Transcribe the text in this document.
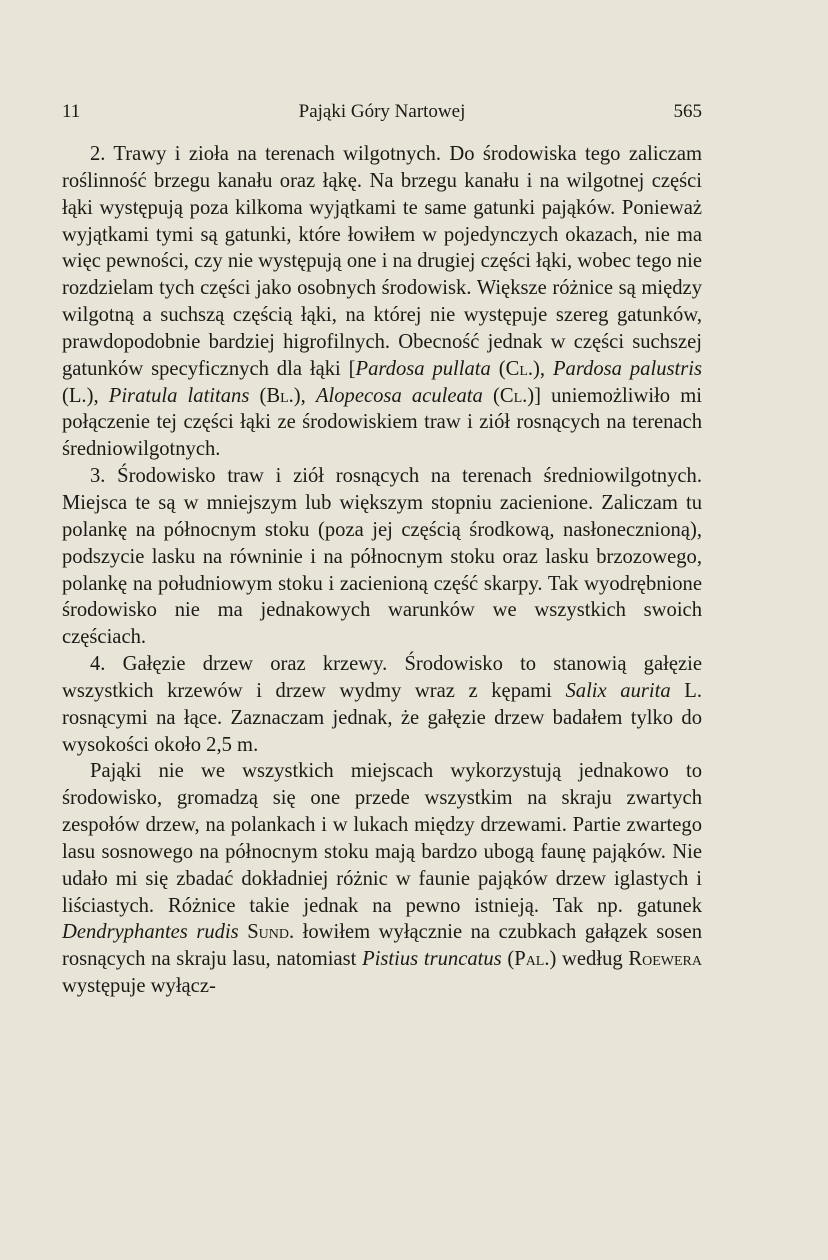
Pająki Góry Nartowej
11	565

2. Trawy i zioła na terenach wilgotnych. Do środowiska tego zaliczam roślinność brzegu kanału oraz łąkę. Na brzegu kanału i na wilgotnej części łąki występują poza kilkoma wyjątkami te same gatunki pająków. Ponieważ wyjątkami tymi są gatunki, które łowiłem w pojedynczych okazach, nie ma więc pewności, czy nie występują one i na drugiej części łąki, wobec tego nie rozdzielam tych części jako osobnych środowisk. Większe różnice są między wilgotną a suchszą częścią łąki, na której nie występuje szereg gatunków, prawdopodobnie bardziej higrofilnych. Obecność jednak w części suchszej gatunków specyficznych dla łąki [Pardosa pullata (Cl.), Pardosa palustris (L.), Piratula latitans (Bl.), Alopecosa aculeata (Cl.)] uniemożliwiło mi połączenie tej części łąki ze środowiskiem traw i ziół rosnących na terenach średniowilgotnych.

3. Środowisko traw i ziół rosnących na terenach średniowilgotnych. Miejsca te są w mniejszym lub większym stopniu zacienione. Zaliczam tu polankę na północnym stoku (poza jej częścią środkową, nasłonecznioną), podszycie lasku na równinie i na północnym stoku oraz lasku brzozowego, polankę na południowym stoku i zacienioną część skarpy. Tak wyodrębnione środowisko nie ma jednakowych warunków we wszystkich swoich częściach.

4. Gałęzie drzew oraz krzewy. Środowisko to stanowią gałęzie wszystkich krzewów i drzew wydmy wraz z kępami Salix aurita L. rosnącymi na łące. Zaznaczam jednak, że gałęzie drzew badałem tylko do wysokości około 2,5 m.

Pająki nie we wszystkich miejscach wykorzystują jednakowo to środowisko, gromadzą się one przede wszystkim na skraju zwartych zespołów drzew, na polankach i w lukach między drzewami. Partie zwartego lasu sosnowego na północnym stoku mają bardzo ubogą faunę pająków. Nie udało mi się zbadać dokładniej różnic w faunie pająków drzew iglastych i liściastych. Różnice takie jednak na pewno istnieją. Tak np. gatunek Dendryphantes rudis Sund. łowiłem wyłącznie na czubkach gałązek sosen rosnących na skraju lasu, natomiast Pistius truncatus (Pal.) według Roewera występuje wyłącz-
